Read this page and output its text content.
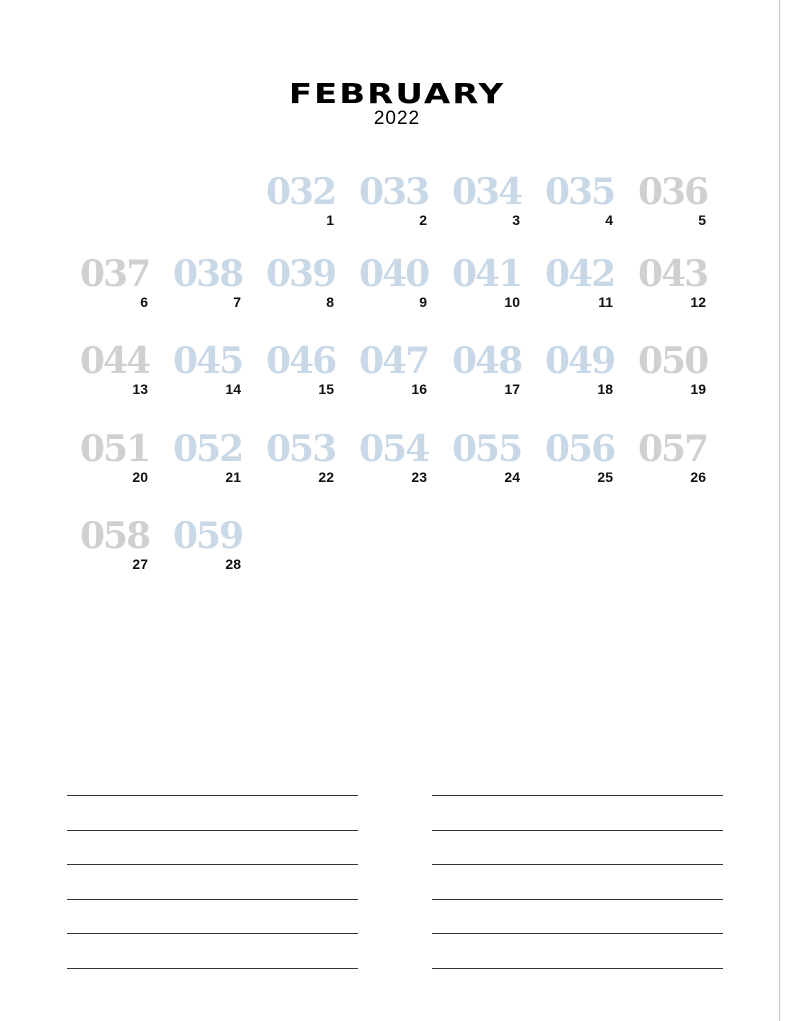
FEBRUARY
2022
032
1
033
2
034
3
035
4
036
5
037
6
038
7
039
8
040
9
041
10
042
11
043
12
044
13
045
14
046
15
047
16
048
17
049
18
050
19
051
20
052
21
053
22
054
23
055
24
056
25
057
26
058
27
059
28
